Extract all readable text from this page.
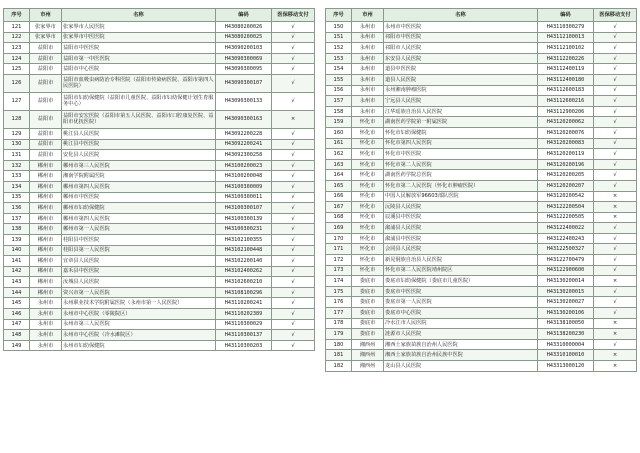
序号	市州	名称	编码	医保移动支付
121	张家界市	张家界市人民医院	H43080200026	√
122	张家界市	张家界市中医医院	H43080200025	√
123	益阳市	益阳市中医医院	H43090200103	√
124	益阳市	益阳市第一中医医院	H43090300069	√
125	益阳市	益阳市中心医院	H43090300095	√
126	益阳市	益阳市血吸虫病防治专科医院（益阳市传染病医院、益阳市第四人民医院）	H43090300107	√
127	益阳市	益阳市妇幼保健院（益阳市儿童医院、益阳市妇幼保健计划生育服务中心）	H43090300133	√
128	益阳市	益阳市安宏医院（益阳市第五人民医院、益阳市口腔康复医院、益阳市优抚医院）	H43090300163	×
129	益阳市	桃江县人民医院	H43092200228	√
130	益阳市	桃江县中医医院	H43092200241	√
131	益阳市	安化县人民医院	H43092300258	√
132	郴州市	郴州市第三人民医院	H43100200023	√
133	郴州市	湘南学院附属医院	H43100200048	√
134	郴州市	郴州市第四人民医院	H43100300009	√
135	郴州市	郴州市中医医院	H43100300011	√
136	郴州市	郴州市妇幼保健院	H43100300107	√
137	郴州市	郴州市第四人民医院	H43100300139	√
138	郴州市	郴州市第一人民医院	H43100300231	√
139	郴州市	桂阳县中医医院	H43102100355	√
140	郴州市	桂阳县第一人民医院	H43102100448	√
141	郴州市	宜章县人民医院	H43102200140	√
142	郴州市	嘉禾县中医医院	H43102400262	√
143	郴州市	汝城县人民医院	H43102600210	√
144	郴州市	资兴市第一人民医院	H43108100296	√
145	永州市	永州职业技术学院附属医院（永州市第一人民医院）	H43110200241	√
146	永州市	永州市中心医院（零陵院区）	H43110202389	√
147	永州市	永州市第三人民医院	H43110300029	√
148	永州市	永州市中心医院（冷水滩院区）	H43110300137	√
149	永州市	永州市妇幼保健院	H43110300203	√
序号	市州	名称	编码	医保移动支付
150	永州市	永州市中医医院	H43110300279	√
151	永州市	祁阳市中医医院	H43112100013	√
152	永州市	祁阳市人民医院	H43112100102	√
153	永州市	东安县人民医院	H43112200226	√
154	永州市	道县中医医院	H43112400119	√
155	永州市	道县人民医院	H43112400180	√
156	永州市	永州湘南肿瘤医院	H43112600183	√
157	永州市	宁远县人民医院	H43112600216	√
158	永州市	江华瑶族自治县人民医院	H43112900206	√
159	怀化市	湖南医药学院第一附属医院	H43120200062	√
160	怀化市	怀化市妇幼保健院	H43120200076	√
161	怀化市	怀化市第四人民医院	H43120200083	√
162	怀化市	怀化市中医医院	H43120200119	√
163	怀化市	怀化市第二人民医院	H43120200196	√
164	怀化市	湖南医药学院总医院	H43120200205	√
165	怀化市	怀化市第二人民医院（怀化市肿瘤医院）	H43120200207	√
166	怀化市	中国人民解放军96603部队医院	H43120200542	×
167	怀化市	沅陵县人民医院	H43122200504	×
168	怀化市	辰溪县中医医院	H43122200505	×
169	怀化市	溆浦县人民医院	H43122400022	√
170	怀化市	溆浦县中医医院	H43122400243	√
171	怀化市	会同县人民医院	H43122500327	√
172	怀化市	新晃侗族自治县人民医院	H43122700479	√
173	怀化市	怀化市第二人民医院靖州院区	H43122900600	√
174	娄底市	娄底市妇幼保健院（娄底市儿童医院）	H43130200014	×
175	娄底市	娄底市中医医院	H43130200015	√
176	娄底市	娄底市第一人民医院	H43130200027	√
177	娄底市	娄底市中心医院	H43130200106	√
178	娄底市	冷水江市人民医院	H43138100050	×
179	娄底市	涟源市人民医院	H43138200230	×
180	湘西州	湘西土家族苗族自治州人民医院	H43310000004	√
181	湘西州	湘西土家族苗族自治州民族中医院	H43310100010	×
182	湘西州	龙山县人民医院	H43313000120	×
